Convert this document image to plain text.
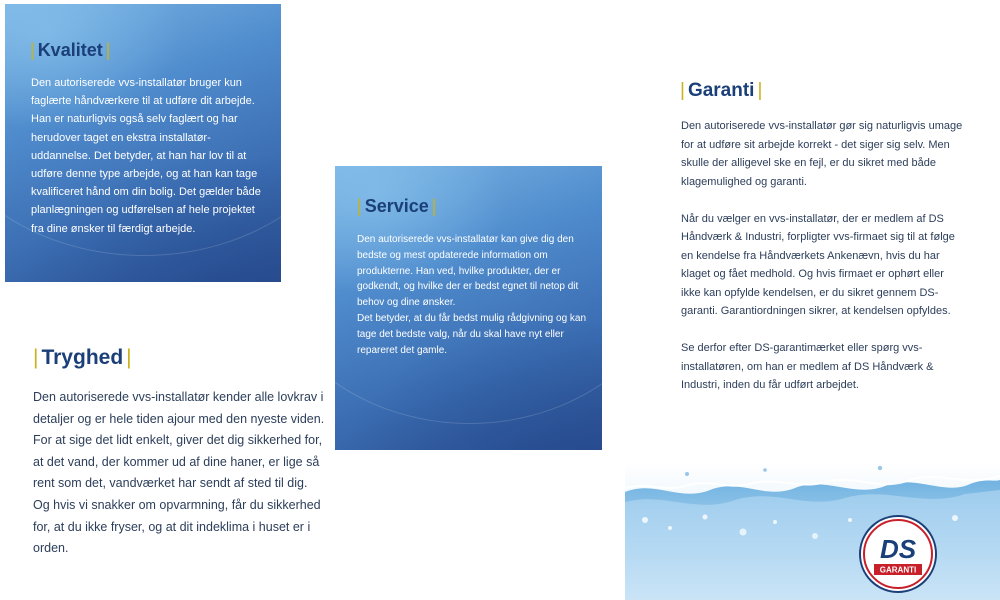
| Kvalitet |
Den autoriserede vvs-installatør bruger kun faglærte håndværkere til at udføre dit arbejde. Han er naturligvis også selv faglært og har herudover taget en ekstra installatør-uddannelse. Det betyder, at han har lov til at udføre denne type arbejde, og at han kan tage kvalificeret hånd om din bolig. Det gælder både planlægningen og udførelsen af hele projektet fra dine ønsker til færdigt arbejde.
| Service |
Den autoriserede vvs-installatør kan give dig den bedste og mest opdaterede information om produkterne. Han ved, hvilke produkter, der er godkendt, og hvilke der er bedst egnet til netop dit behov og dine ønsker.
Det betyder, at du får bedst mulig rådgivning og kan tage det bedste valg, når du skal have nyt eller repareret det gamle.
| Tryghed |
Den autoriserede vvs-installatør kender alle lovkrav i detaljer og er hele tiden ajour med den nyeste viden. For at sige det lidt enkelt, giver det dig sikkerhed for, at det vand, der kommer ud af dine haner, er lige så rent som det, vandværket har sendt af sted til dig. Og hvis vi snakker om opvarmning, får du sikkerhed for, at du ikke fryser, og at dit indeklima i huset er i orden.
| Garanti |

Den autoriserede vvs-installatør gør sig naturligvis umage for at udføre sit arbejde korrekt - det siger sig selv. Men skulle der alligevel ske en fejl, er du sikret med både klagemulighed og garanti.

Når du vælger en vvs-installatør, der er medlem af DS Håndværk & Industri, forpligter vvs-firmaet sig til at følge en kendelse fra Håndværkets Ankenævn, hvis du har klaget og fået medhold. Og hvis firmaet er ophørt eller ikke kan opfylde kendelsen, er du sikret gennem DS-garanti. Garantiordningen sikrer, at kendelsen opfyldes.

Se derfor efter DS-garantimærket eller spørg vvs-installatøren, om han er medlem af DS Håndværk & Industri, inden du får udført arbejdet.

DS
GARANTI
